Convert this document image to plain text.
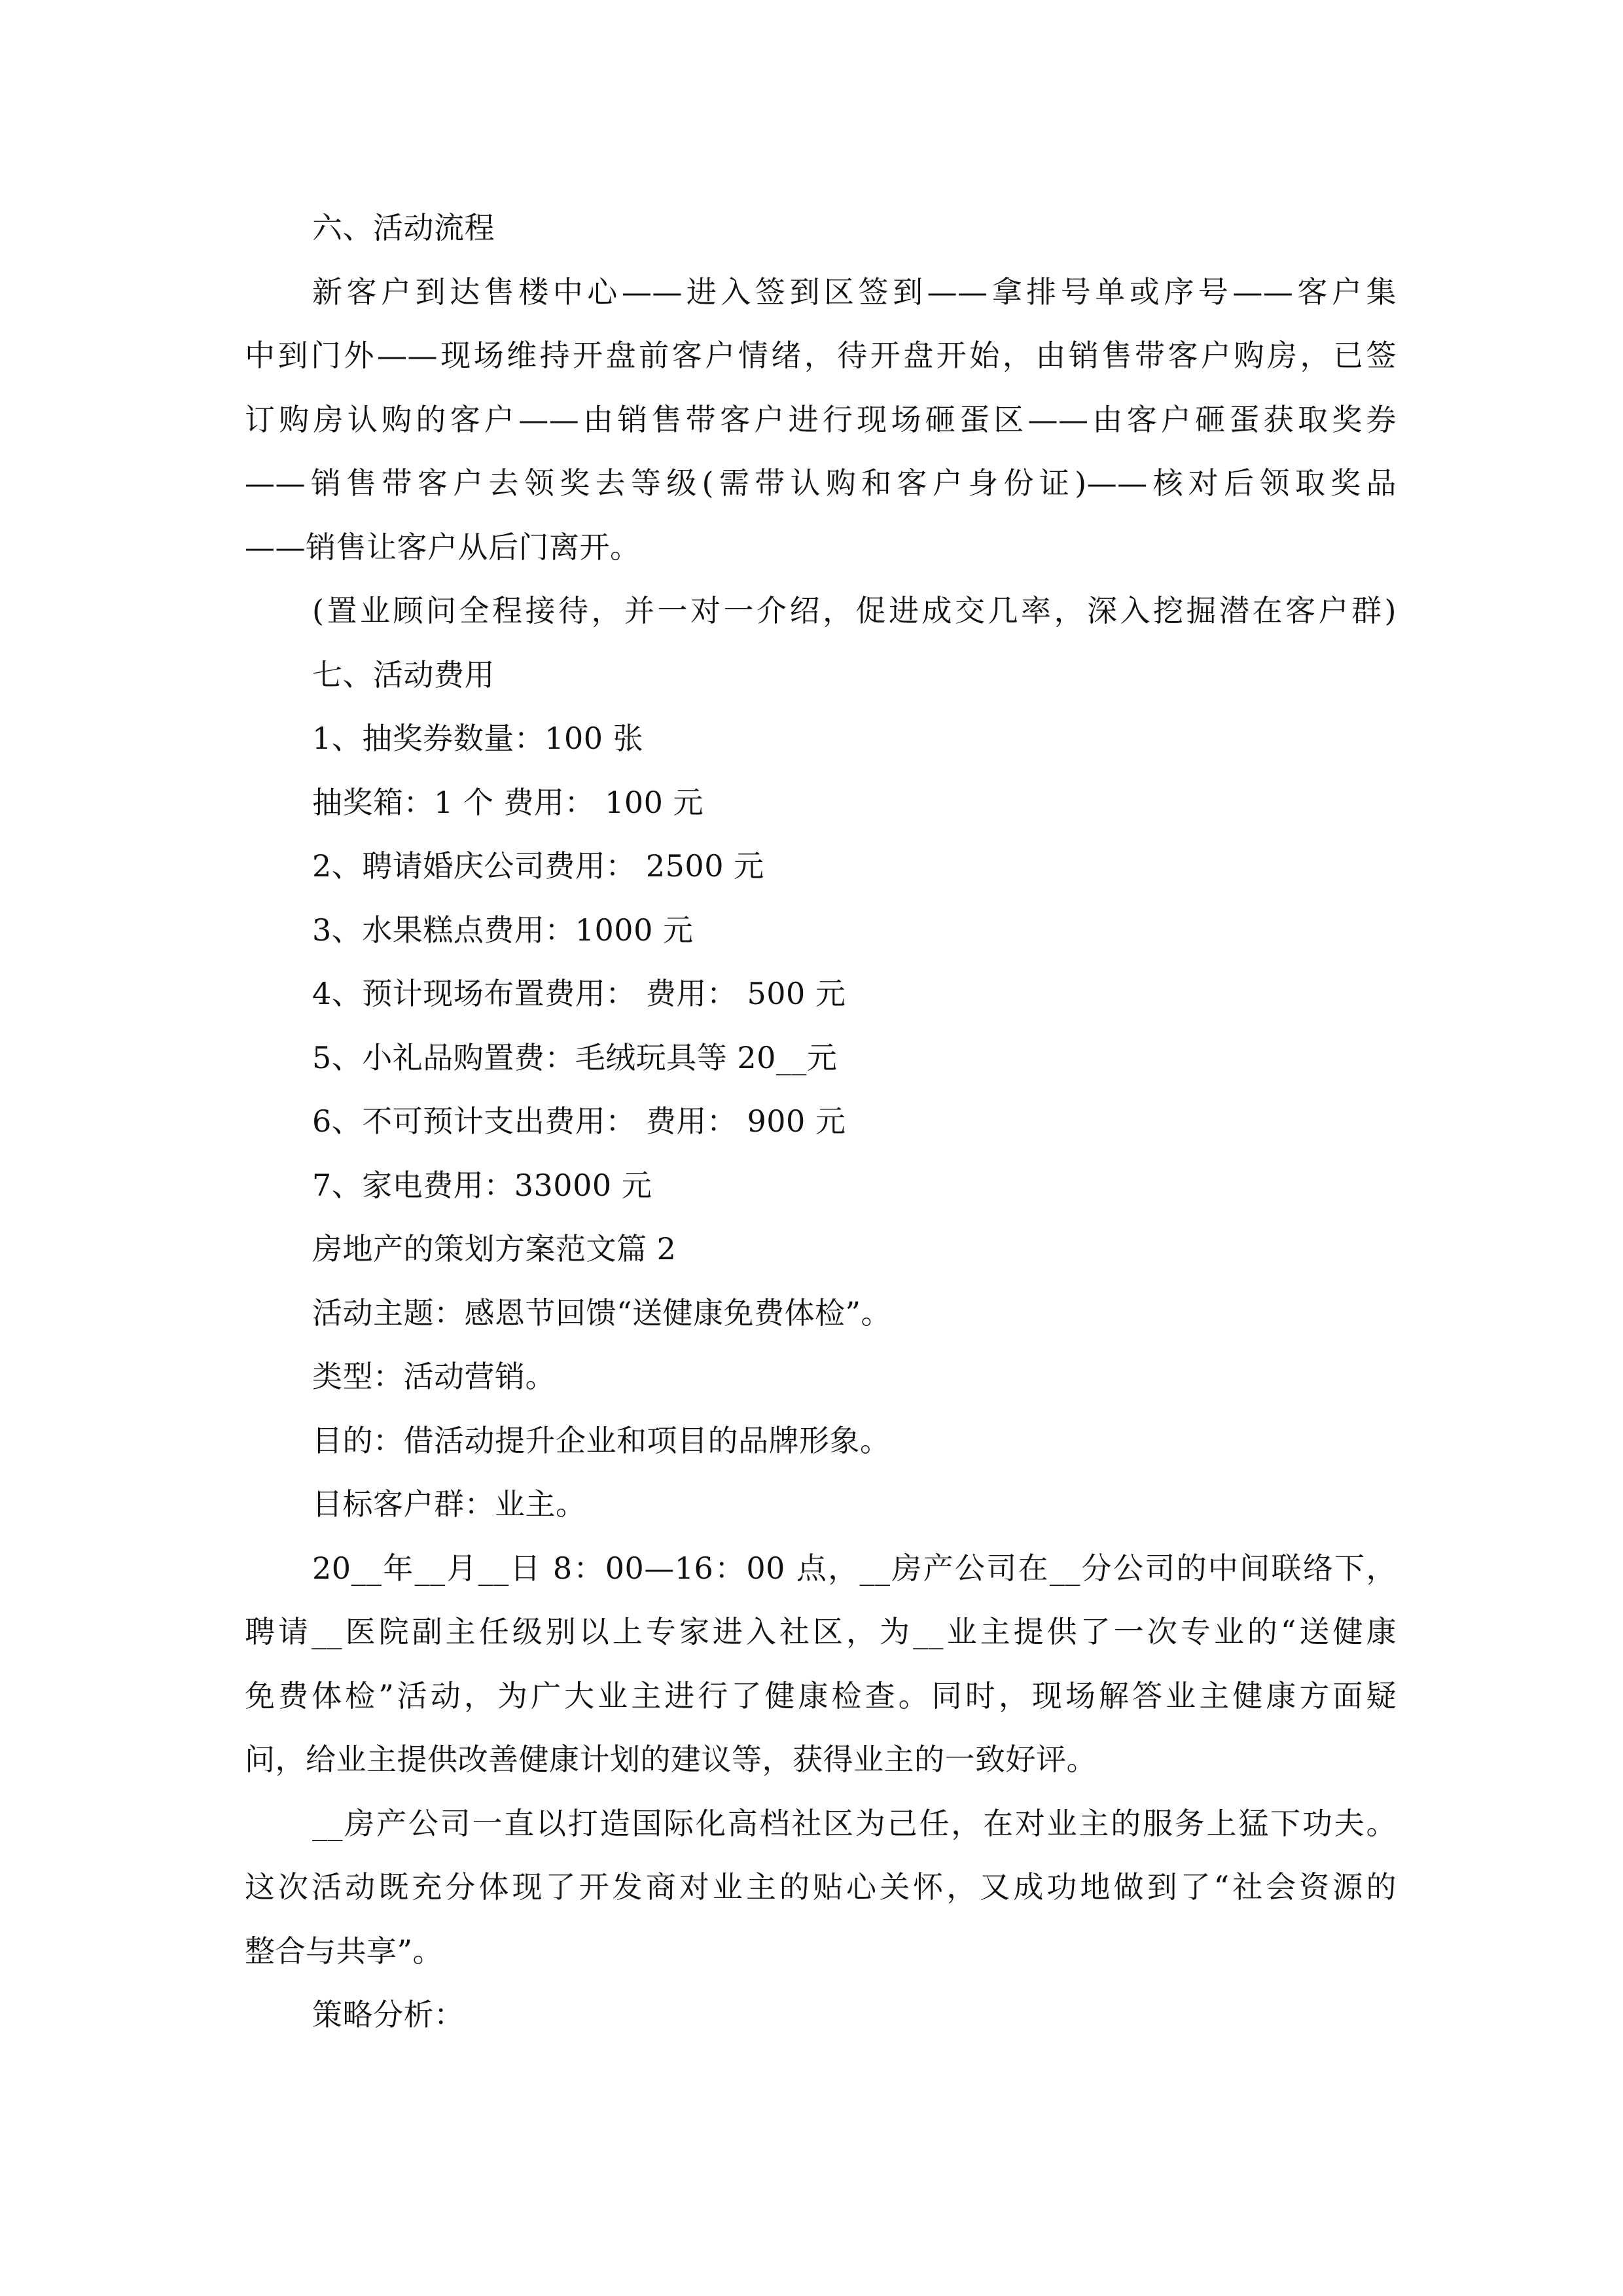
六、活动流程
新客户到达售楼中心——进入签到区签到——拿排号单或序号——客户集
中到门外——现场维持开盘前客户情绪，待开盘开始，由销售带客户购房，已签
订购房认购的客户——由销售带客户进行现场砸蛋区——由客户砸蛋获取奖券
——销售带客户去领奖去等级(需带认购和客户身份证)——核对后领取奖品
——销售让客户从后门离开。
(置业顾问全程接待，并一对一介绍，促进成交几率，深入挖掘潜在客户群)
七、活动费用
1、抽奖券数量：100 张
抽奖箱：1 个 费用： 100 元
2、聘请婚庆公司费用： 2500 元
3、水果糕点费用：1000 元
4、预计现场布置费用： 费用： 500 元
5、小礼品购置费：毛绒玩具等 20__元
6、不可预计支出费用： 费用： 900 元
7、家电费用：33000 元
房地产的策划方案范文篇 2
活动主题：感恩节回馈“送健康免费体检”。
类型：活动营销。
目的：借活动提升企业和项目的品牌形象。
目标客户群：业主。
20__年__月__日 8：00—16：00 点，__房产公司在__分公司的中间联络下，
聘请__医院副主任级别以上专家进入社区，为__业主提供了一次专业的“送健康
免费体检”活动，为广大业主进行了健康检查。同时，现场解答业主健康方面疑
问，给业主提供改善健康计划的建议等，获得业主的一致好评。
__房产公司一直以打造国际化高档社区为己任，在对业主的服务上猛下功夫。
这次活动既充分体现了开发商对业主的贴心关怀，又成功地做到了“社会资源的
整合与共享”。
策略分析：
